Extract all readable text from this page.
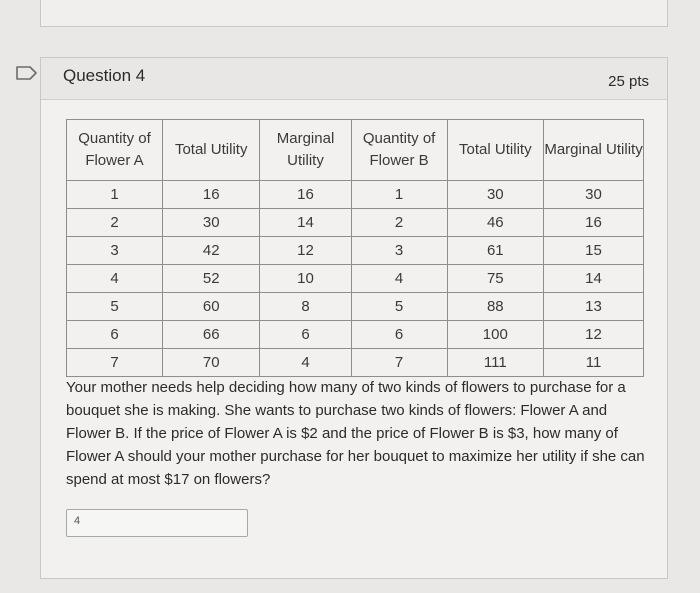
Question 4	25 pts
Quantity of Flower A	Total Utility	Marginal Utility	Quantity of Flower B	Total Utility	Marginal Utility
1	16	16	1	30	30
2	30	14	2	46	16
3	42	12	3	61	15
4	52	10	4	75	14
5	60	8	5	88	13
6	66	6	6	100	12
7	70	4	7	111	11
Your mother needs help deciding how many of two kinds of flowers to purchase for a bouquet she is making. She wants to purchase two kinds of flowers: Flower A and Flower B. If the price of Flower A is $2 and the price of Flower B is $3, how many of Flower A should your mother purchase for her bouquet to maximize her utility if she can spend at most $17 on flowers?
4
